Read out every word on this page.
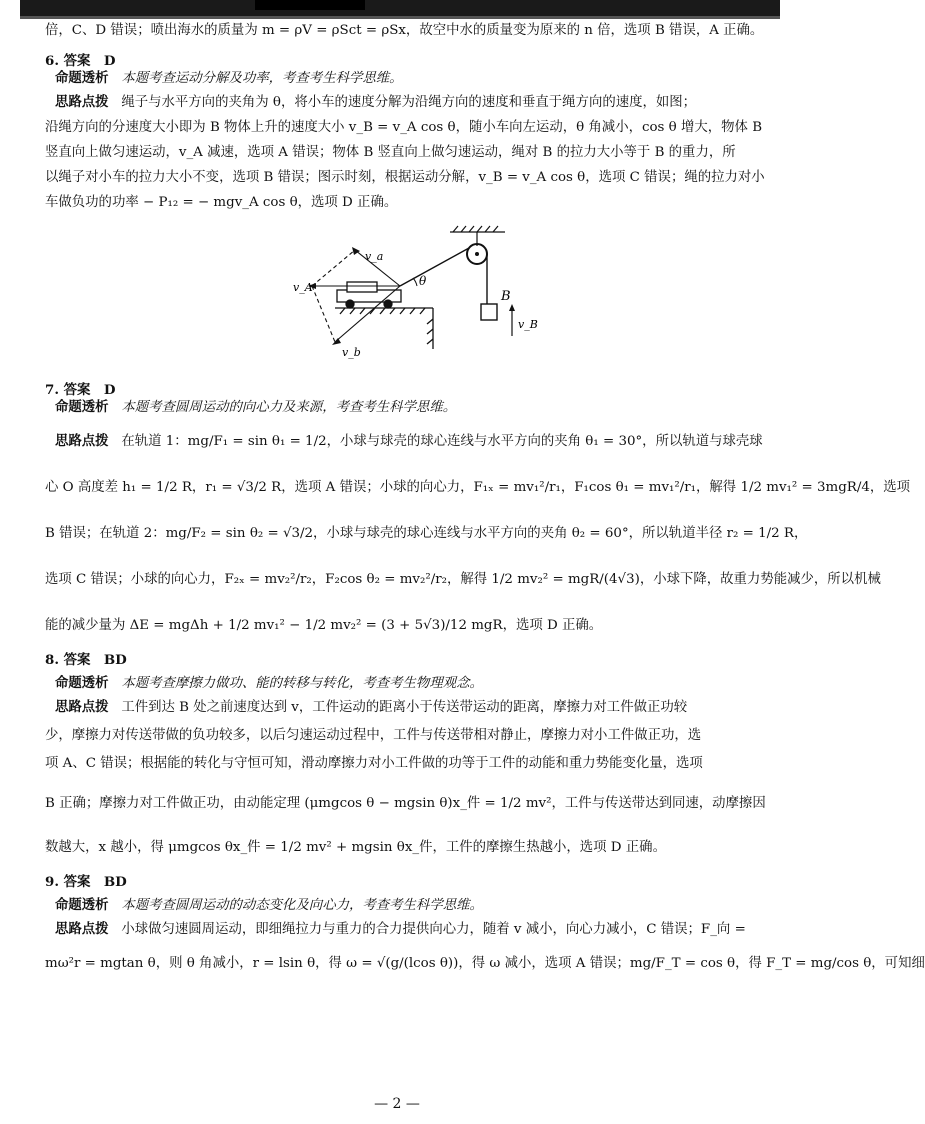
倍，C、D 错误；喷出海水的质量为 m = ρV = ρSct = ρSx，故空中水的质量变为原来的 n 倍，选项 B 错误，A 正确。

6. 答案　D

命题透析 本题考查运动分解及功率，考查考生科学思维。

思路点拨 绳子与水平方向的夹角为 θ，将小车的速度分解为沿绳方向的速度和垂直于绳方向的速度，如图；

沿绳方向的分速度大小即为 B 物体上升的速度大小 v_B = v_A cos θ，随小车向左运动，θ 角减小，cos θ 增大，物体 B

竖直向上做匀速运动，v_A 减速，选项 A 错误；物体 B 竖直向上做匀速运动，绳对 B 的拉力大小等于 B 的重力，所

以绳子对小车的拉力大小不变，选项 B 错误；图示时刻，根据运动分解，v_B = v_A cos θ，选项 C 错误；绳的拉力对小

车做负功的功率 − P₁₂ = − mgv_A cos θ，选项 D 正确。

B
v_B
θ
v_a
v_A
v_b

7. 答案　D

命题透析 本题考查圆周运动的向心力及来源，考查考生科学思维。

思路点拨 在轨道 1：mg/F₁ = sin θ₁ = 1/2，小球与球壳的球心连线与水平方向的夹角 θ₁ = 30°，所以轨道与球壳球

心 O 高度差 h₁ = 1/2 R，r₁ = √3/2 R，选项 A 错误；小球的向心力，F₁ₓ = mv₁²/r₁，F₁cos θ₁ = mv₁²/r₁，解得 1/2 mv₁² = 3mgR/4，选项

B 错误；在轨道 2：mg/F₂ = sin θ₂ = √3/2，小球与球壳的球心连线与水平方向的夹角 θ₂ = 60°，所以轨道半径 r₂ = 1/2 R，

选项 C 错误；小球的向心力，F₂ₓ = mv₂²/r₂，F₂cos θ₂ = mv₂²/r₂，解得 1/2 mv₂² = mgR/(4√3)，小球下降，故重力势能减少，所以机械

能的减少量为 ΔE = mgΔh + 1/2 mv₁² − 1/2 mv₂² = (3 + 5√3)/12 mgR，选项 D 正确。

8. 答案　BD

命题透析 本题考查摩擦力做功、能的转移与转化，考查考生物理观念。

思路点拨 工件到达 B 处之前速度达到 v，工件运动的距离小于传送带运动的距离，摩擦力对工件做正功较

少，摩擦力对传送带做的负功较多，以后匀速运动过程中，工件与传送带相对静止，摩擦力对小工件做正功，选

项 A、C 错误；根据能的转化与守恒可知，滑动摩擦力对小工件做的功等于工件的动能和重力势能变化量，选项

B 正确；摩擦力对工件做正功，由动能定理 (μmgcos θ − mgsin θ)x_件 = 1/2 mv²，工件与传送带达到同速，动摩擦因

数越大，x 越小，得 μmgcos θx_件 = 1/2 mv² + mgsin θx_件，工件的摩擦生热越小，选项 D 正确。

9. 答案　BD

命题透析 本题考查圆周运动的动态变化及向心力，考查考生科学思维。

思路点拨 小球做匀速圆周运动，即细绳拉力与重力的合力提供向心力，随着 v 减小，向心力减小，C 错误；F_向 =

mω²r = mgtan θ，则 θ 角减小，r = lsin θ，得 ω = √(g/(lcos θ))，得 ω 减小，选项 A 错误；mg/F_T = cos θ，得 F_T = mg/cos θ，可知细

— 2 —
